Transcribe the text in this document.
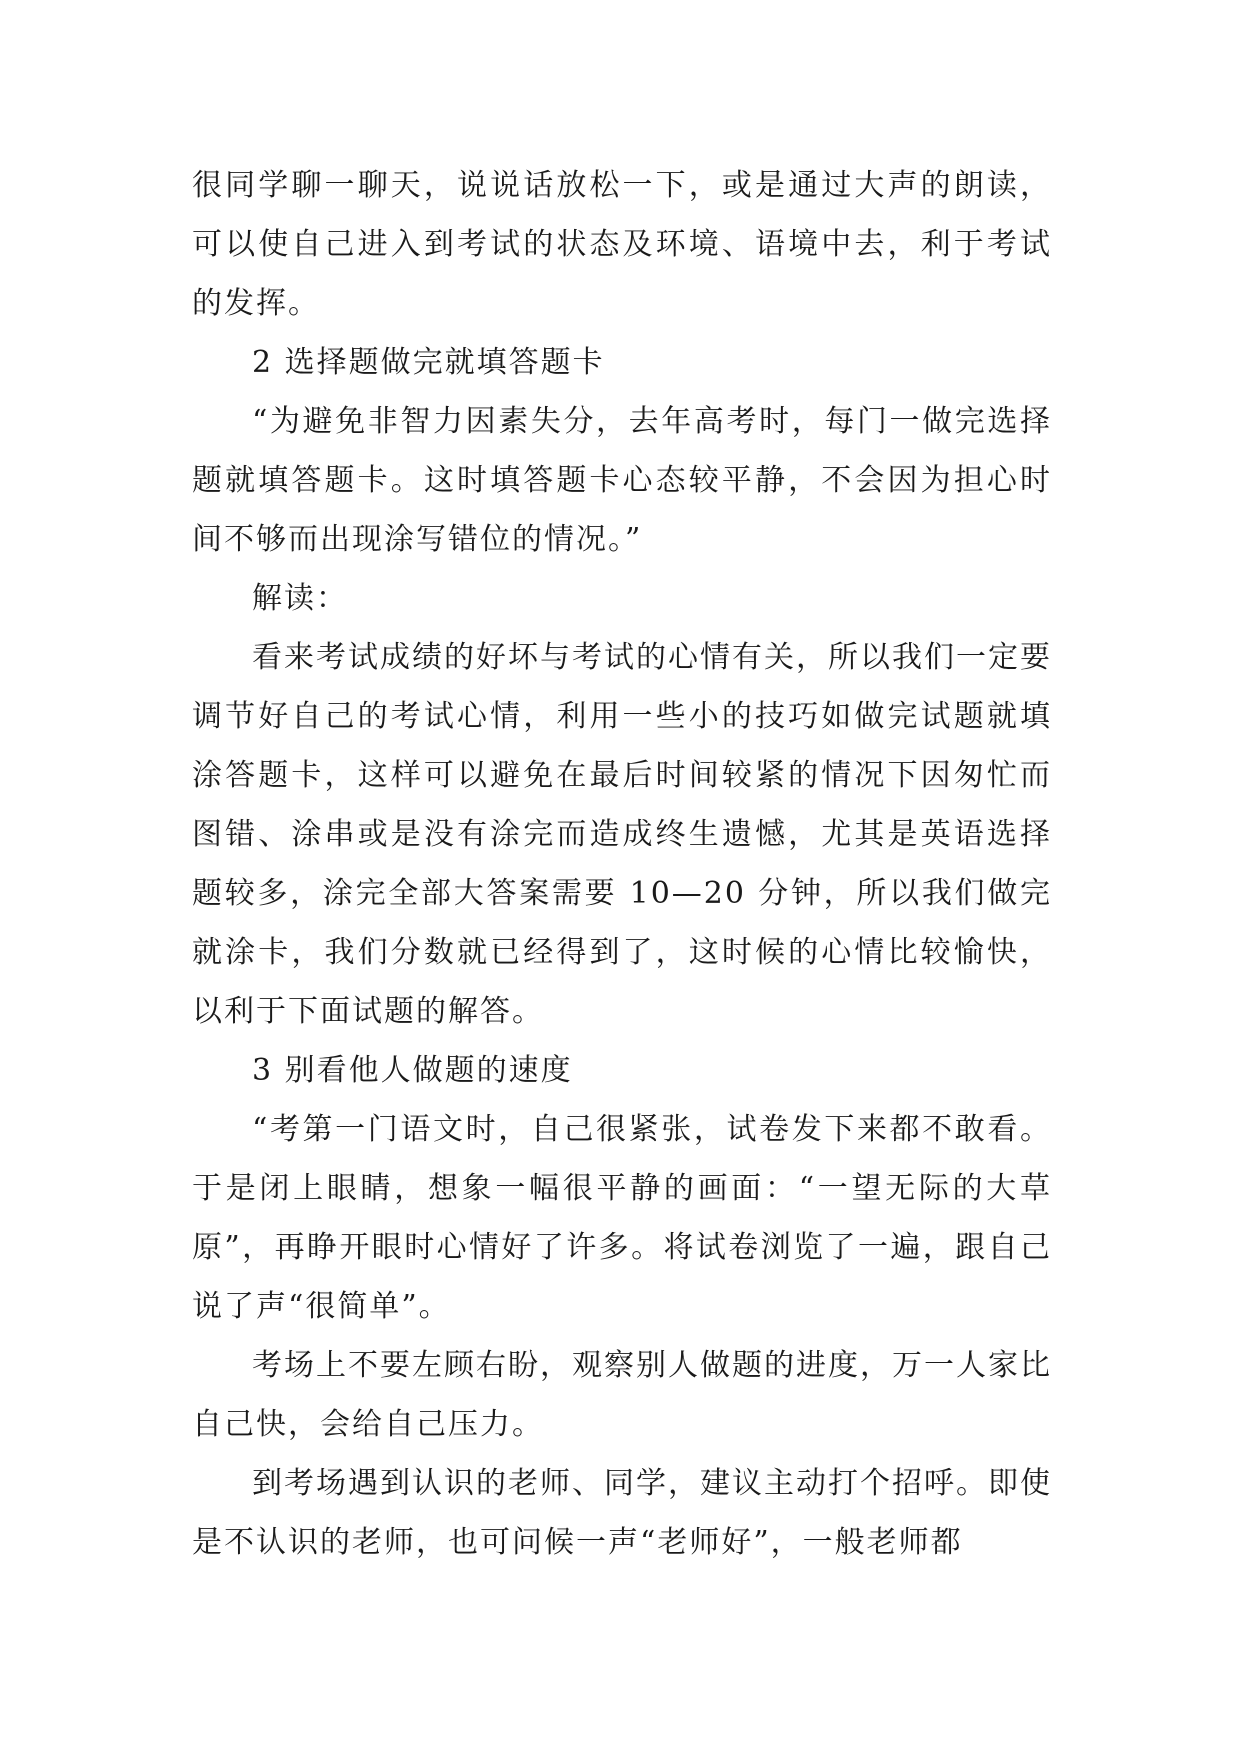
很同学聊一聊天，说说话放松一下，或是通过大声的朗读，可以使自己进入到考试的状态及环境、语境中去，利于考试的发挥。

2 选择题做完就填答题卡

“为避免非智力因素失分，去年高考时，每门一做完选择题就填答题卡。这时填答题卡心态较平静，不会因为担心时间不够而出现涂写错位的情况。”

解读：

看来考试成绩的好坏与考试的心情有关，所以我们一定要调节好自己的考试心情，利用一些小的技巧如做完试题就填涂答题卡，这样可以避免在最后时间较紧的情况下因匆忙而图错、涂串或是没有涂完而造成终生遗憾，尤其是英语选择题较多，涂完全部大答案需要 10—20 分钟，所以我们做完就涂卡，我们分数就已经得到了，这时候的心情比较愉快，以利于下面试题的解答。

3 别看他人做题的速度

“考第一门语文时，自己很紧张，试卷发下来都不敢看。于是闭上眼睛，想象一幅很平静的画面：“一望无际的大草原”，再睁开眼时心情好了许多。将试卷浏览了一遍，跟自己说了声“很简单”。

考场上不要左顾右盼，观察别人做题的进度，万一人家比自己快，会给自己压力。

到考场遇到认识的老师、同学，建议主动打个招呼。即使是不认识的老师，也可问候一声“老师好”，一般老师都
